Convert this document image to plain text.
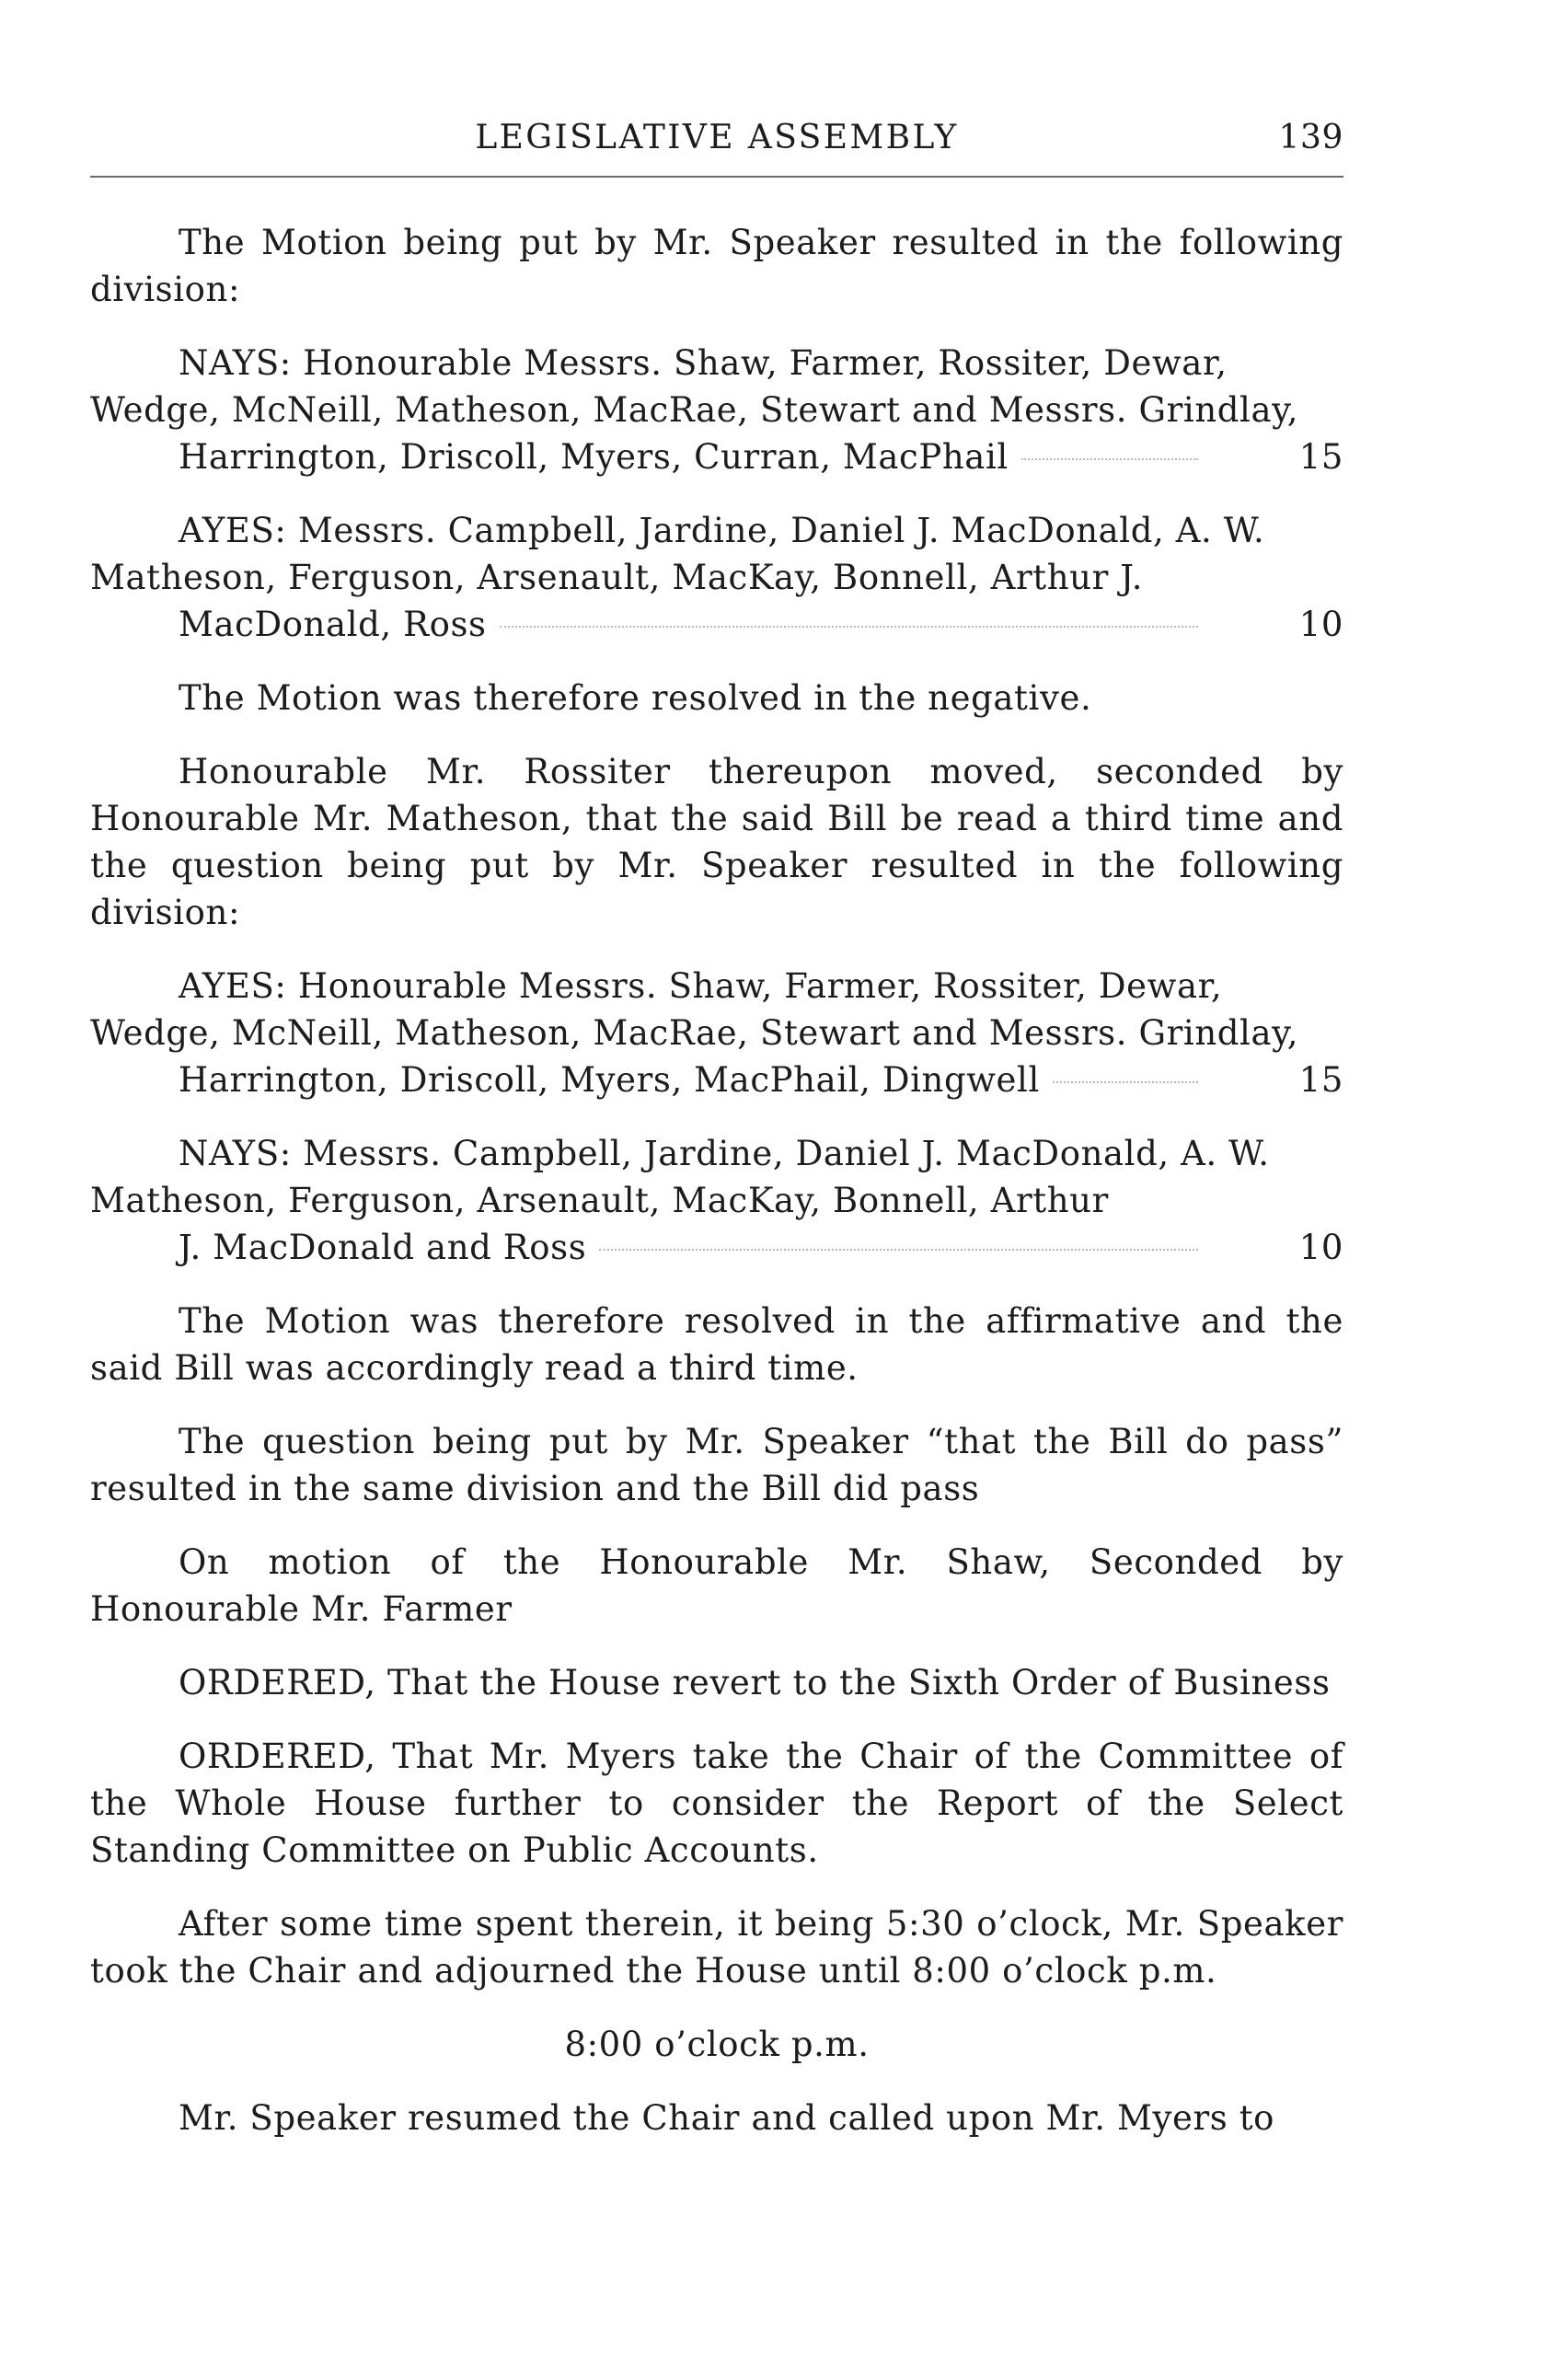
LEGISLATIVE ASSEMBLY	139

The Motion being put by Mr. Speaker resulted in the following division:

NAYS: Honourable Messrs. Shaw, Farmer, Rossiter, Dewar, Wedge, McNeill, Matheson, MacRae, Stewart and Messrs. Grindlay,
Harrington, Driscoll, Myers, Curran, MacPhail	15

AYES: Messrs. Campbell, Jardine, Daniel J. MacDonald, A. W. Matheson, Ferguson, Arsenault, MacKay, Bonnell, Arthur J.
MacDonald, Ross	10

The Motion was therefore resolved in the negative.

Honourable Mr. Rossiter thereupon moved, seconded by Honourable Mr. Matheson, that the said Bill be read a third time and the question being put by Mr. Speaker resulted in the following division:

AYES: Honourable Messrs. Shaw, Farmer, Rossiter, Dewar, Wedge, McNeill, Matheson, MacRae, Stewart and Messrs. Grindlay,
Harrington, Driscoll, Myers, MacPhail, Dingwell	15

NAYS: Messrs. Campbell, Jardine, Daniel J. MacDonald, A. W. Matheson, Ferguson, Arsenault, MacKay, Bonnell, Arthur
J. MacDonald and Ross	10

The Motion was therefore resolved in the affirmative and the said Bill was accordingly read a third time.

The question being put by Mr. Speaker “that the Bill do pass” resulted in the same division and the Bill did pass

On motion of the Honourable Mr. Shaw, Seconded by Honourable Mr. Farmer

ORDERED, That the House revert to the Sixth Order of Business

ORDERED, That Mr. Myers take the Chair of the Committee of the Whole House further to consider the Report of the Select Standing Committee on Public Accounts.

After some time spent therein, it being 5:30 o’clock, Mr. Speaker took the Chair and adjourned the House until 8:00 o’clock p.m.

8:00 o’clock p.m.

Mr. Speaker resumed the Chair and called upon Mr. Myers to
